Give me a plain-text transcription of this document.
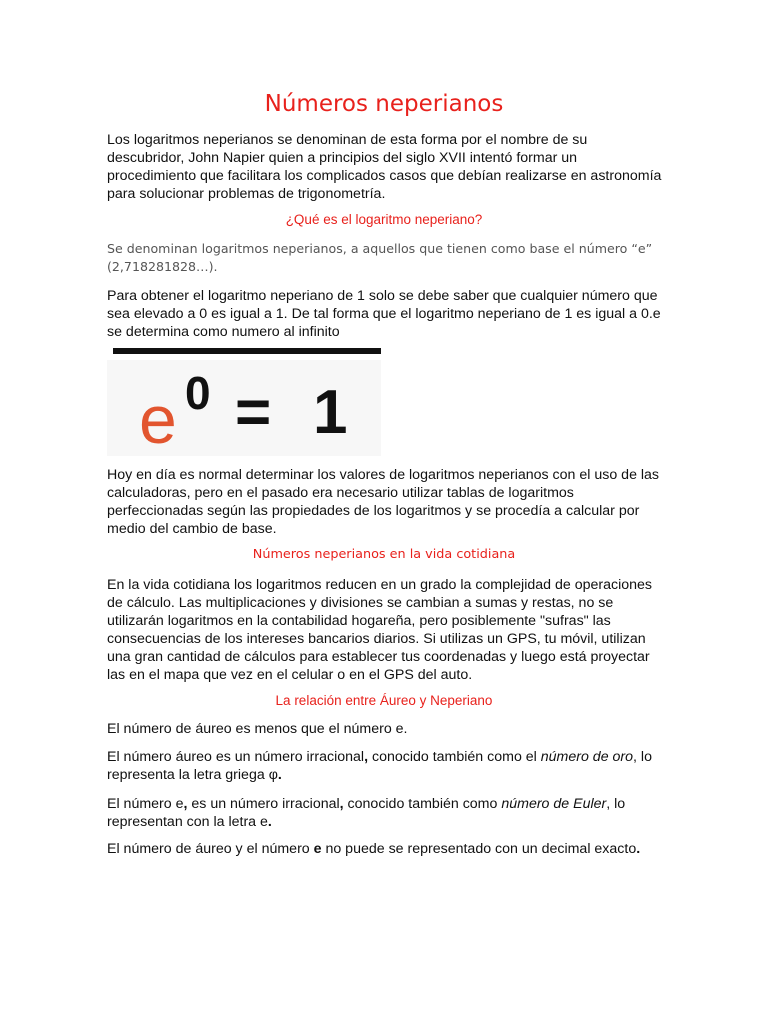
Números neperianos

Los logaritmos neperianos se denominan de esta forma por el nombre de su descubridor, John Napier quien a principios del siglo XVII intentó formar un procedimiento que facilitara los complicados casos que debían realizarse en astronomía para solucionar problemas de trigonometría.

¿Qué es el logaritmo neperiano?

Se denominan logaritmos neperianos, a aquellos que tienen como base el número “e” (2,718281828…).

Para obtener el logaritmo neperiano de 1 solo se debe saber que cualquier número que sea elevado a 0 es igual a 1. De tal forma que el logaritmo neperiano de 1 es igual a 0.e se determina como numero al infinito

e 0 = 1

Hoy en día es normal determinar los valores de logaritmos neperianos con el uso de las calculadoras, pero en el pasado era necesario utilizar tablas de logaritmos perfeccionadas según las propiedades de los logaritmos y se procedía a calcular por medio del cambio de base.

Números neperianos en la vida cotidiana

En la vida cotidiana los logaritmos reducen en un grado la complejidad de operaciones de cálculo. Las multiplicaciones y divisiones se cambian a sumas y restas, no se utilizarán logaritmos en la contabilidad hogareña, pero posiblemente "sufras" las consecuencias de los intereses bancarios diarios. Si utilizas un GPS, tu móvil, utilizan una gran cantidad de cálculos para establecer tus coordenadas y luego está proyectar las en el mapa que vez en el celular o en el GPS del auto.

La relación entre Áureo y Neperiano

El número de áureo es menos que el número e.

El número áureo es un número irracional, conocido también como el número de oro, lo representa la letra griega φ.

El número e, es un número irracional, conocido también como número de Euler, lo representan con la letra e.

El número de áureo y el número e no puede se representado con un decimal exacto.
